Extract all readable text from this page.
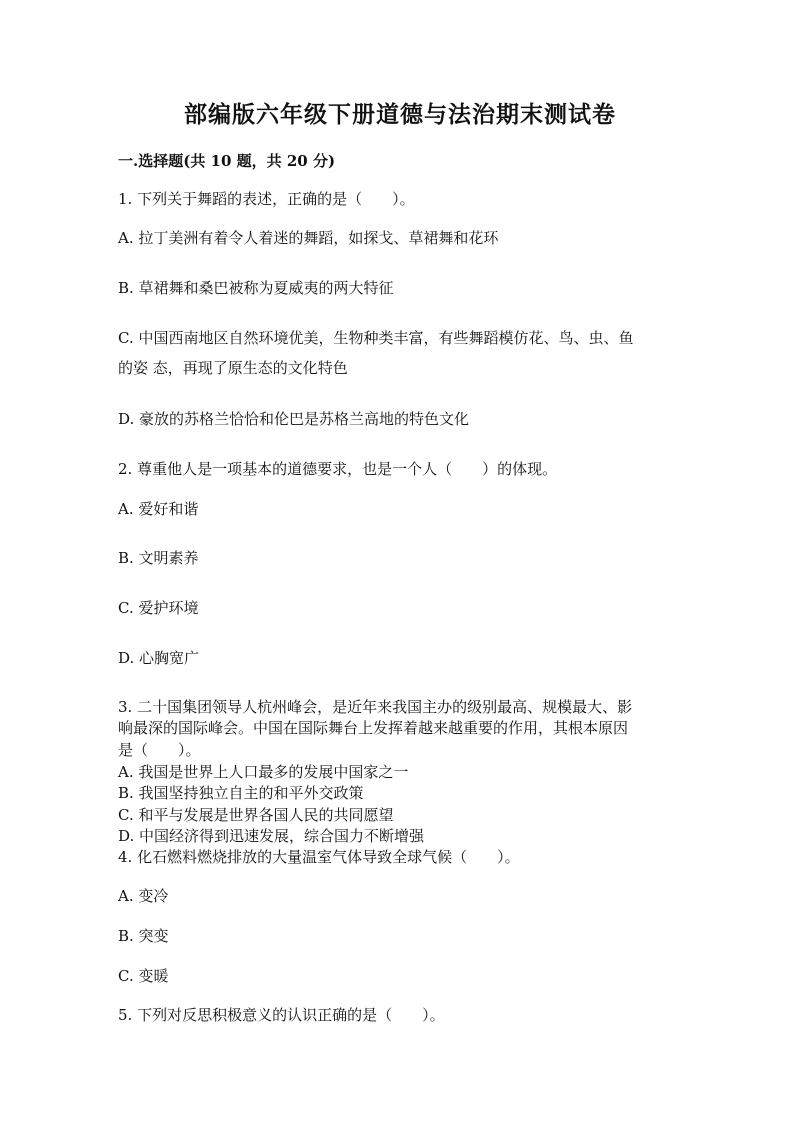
部编版六年级下册道德与法治期末测试卷
一.选择题(共 10 题，共 20 分)
1. 下列关于舞蹈的表述，正确的是（　　）。
A. 拉丁美洲有着令人着迷的舞蹈，如探戈、草裙舞和花环
B. 草裙舞和桑巴被称为夏威夷的两大特征
C. 中国西南地区自然环境优美，生物种类丰富，有些舞蹈模仿花、鸟、虫、鱼
的姿 态，再现了原生态的文化特色
D. 豪放的苏格兰恰恰和伦巴是苏格兰高地的特色文化
2. 尊重他人是一项基本的道德要求，也是一个人（　　）的体现。
A. 爱好和谐
B. 文明素养
C. 爱护环境
D. 心胸宽广
3. 二十国集团领导人杭州峰会，是近年来我国主办的级别最高、规模最大、影
响最深的国际峰会。中国在国际舞台上发挥着越来越重要的作用，其根本原因
是（　　）。
A. 我国是世界上人口最多的发展中国家之一
B. 我国坚持独立自主的和平外交政策
C. 和平与发展是世界各国人民的共同愿望
D. 中国经济得到迅速发展，综合国力不断增强
4. 化石燃料燃烧排放的大量温室气体导致全球气候（　　）。
A. 变冷
B. 突变
C. 变暖
5. 下列对反思积极意义的认识正确的是（　　）。
